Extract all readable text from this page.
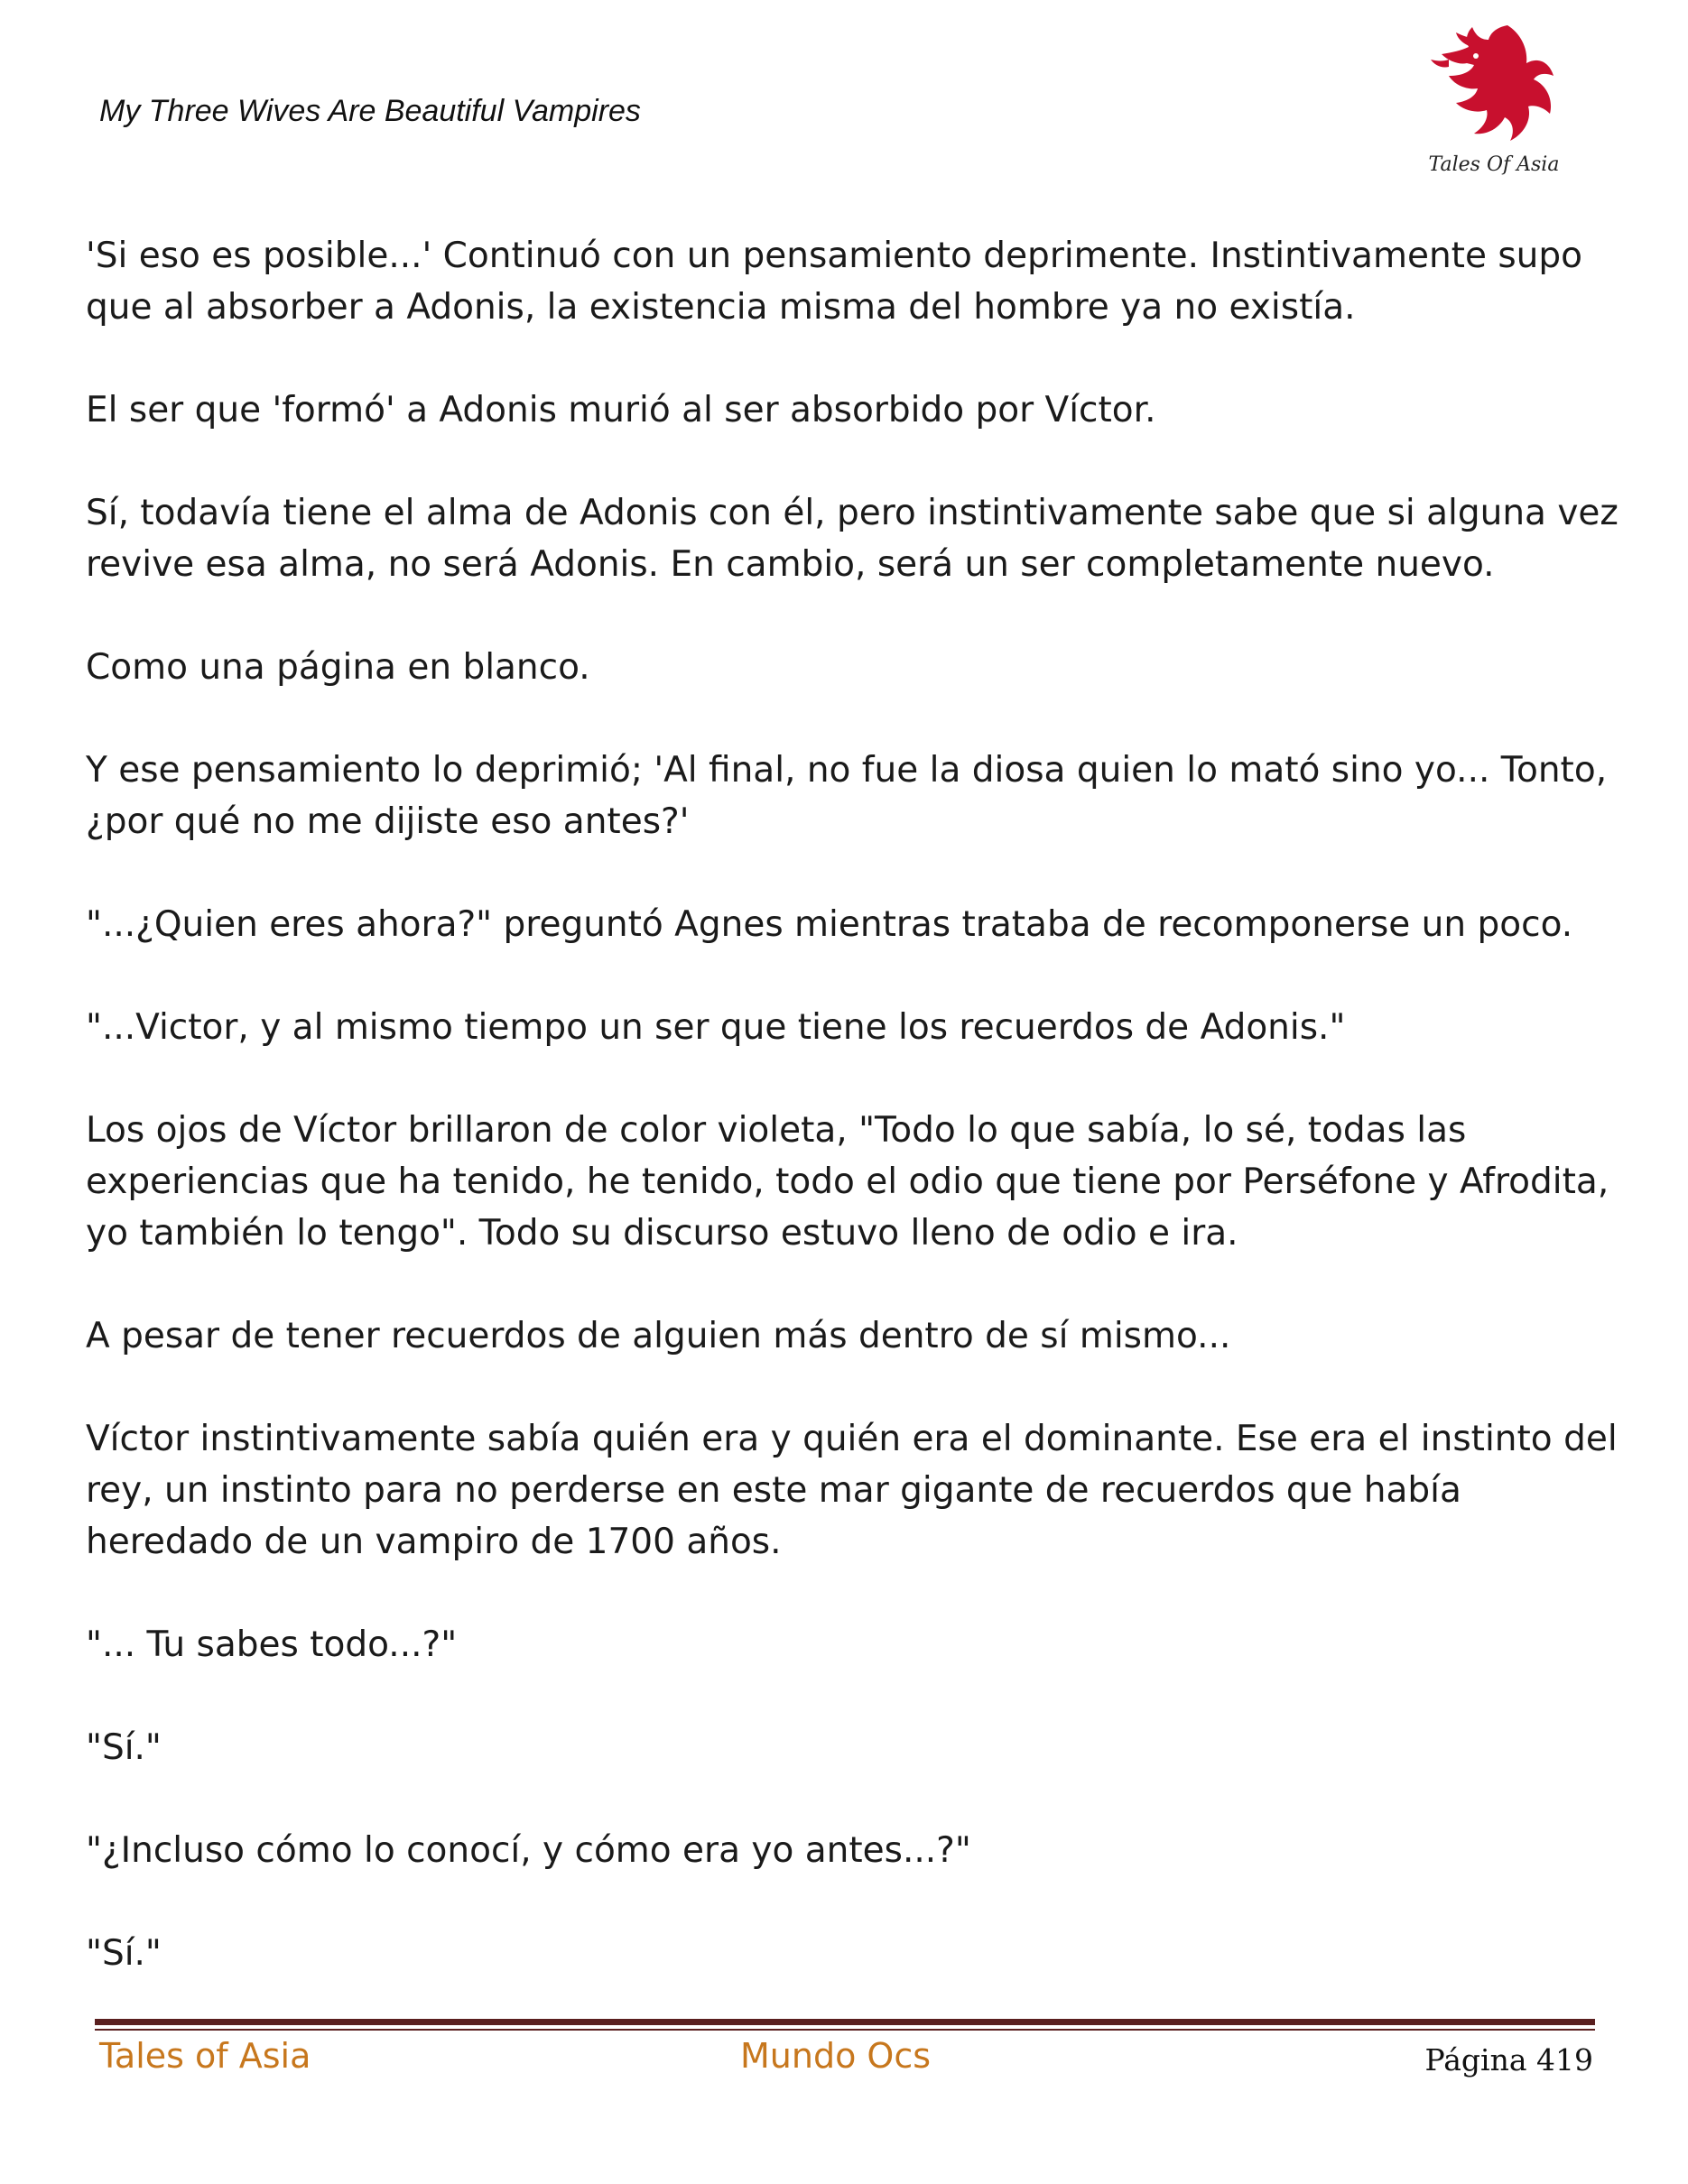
My Three Wives Are Beautiful Vampires
Tales Of Asia

'Si eso es posible...' Continuó con un pensamiento deprimente. Instintivamente supo que al absorber a Adonis, la existencia misma del hombre ya no existía.

El ser que 'formó' a Adonis murió al ser absorbido por Víctor.

Sí, todavía tiene el alma de Adonis con él, pero instintivamente sabe que si alguna vez revive esa alma, no será Adonis. En cambio, será un ser completamente nuevo.

Como una página en blanco.

Y ese pensamiento lo deprimió; 'Al final, no fue la diosa quien lo mató sino yo... Tonto, ¿por qué no me dijiste eso antes?'

"...¿Quien eres ahora?" preguntó Agnes mientras trataba de recomponerse un poco.

"...Victor, y al mismo tiempo un ser que tiene los recuerdos de Adonis."

Los ojos de Víctor brillaron de color violeta, "Todo lo que sabía, lo sé, todas las experiencias que ha tenido, he tenido, todo el odio que tiene por Perséfone y Afrodita, yo también lo tengo". Todo su discurso estuvo lleno de odio e ira.

A pesar de tener recuerdos de alguien más dentro de sí mismo...

Víctor instintivamente sabía quién era y quién era el dominante. Ese era el instinto del rey, un instinto para no perderse en este mar gigante de recuerdos que había heredado de un vampiro de 1700 años.

"... Tu sabes todo...?"

"Sí."

"¿Incluso cómo lo conocí, y cómo era yo antes...?"

"Sí."

Tales of Asia	Mundo Ocs	Página 419
